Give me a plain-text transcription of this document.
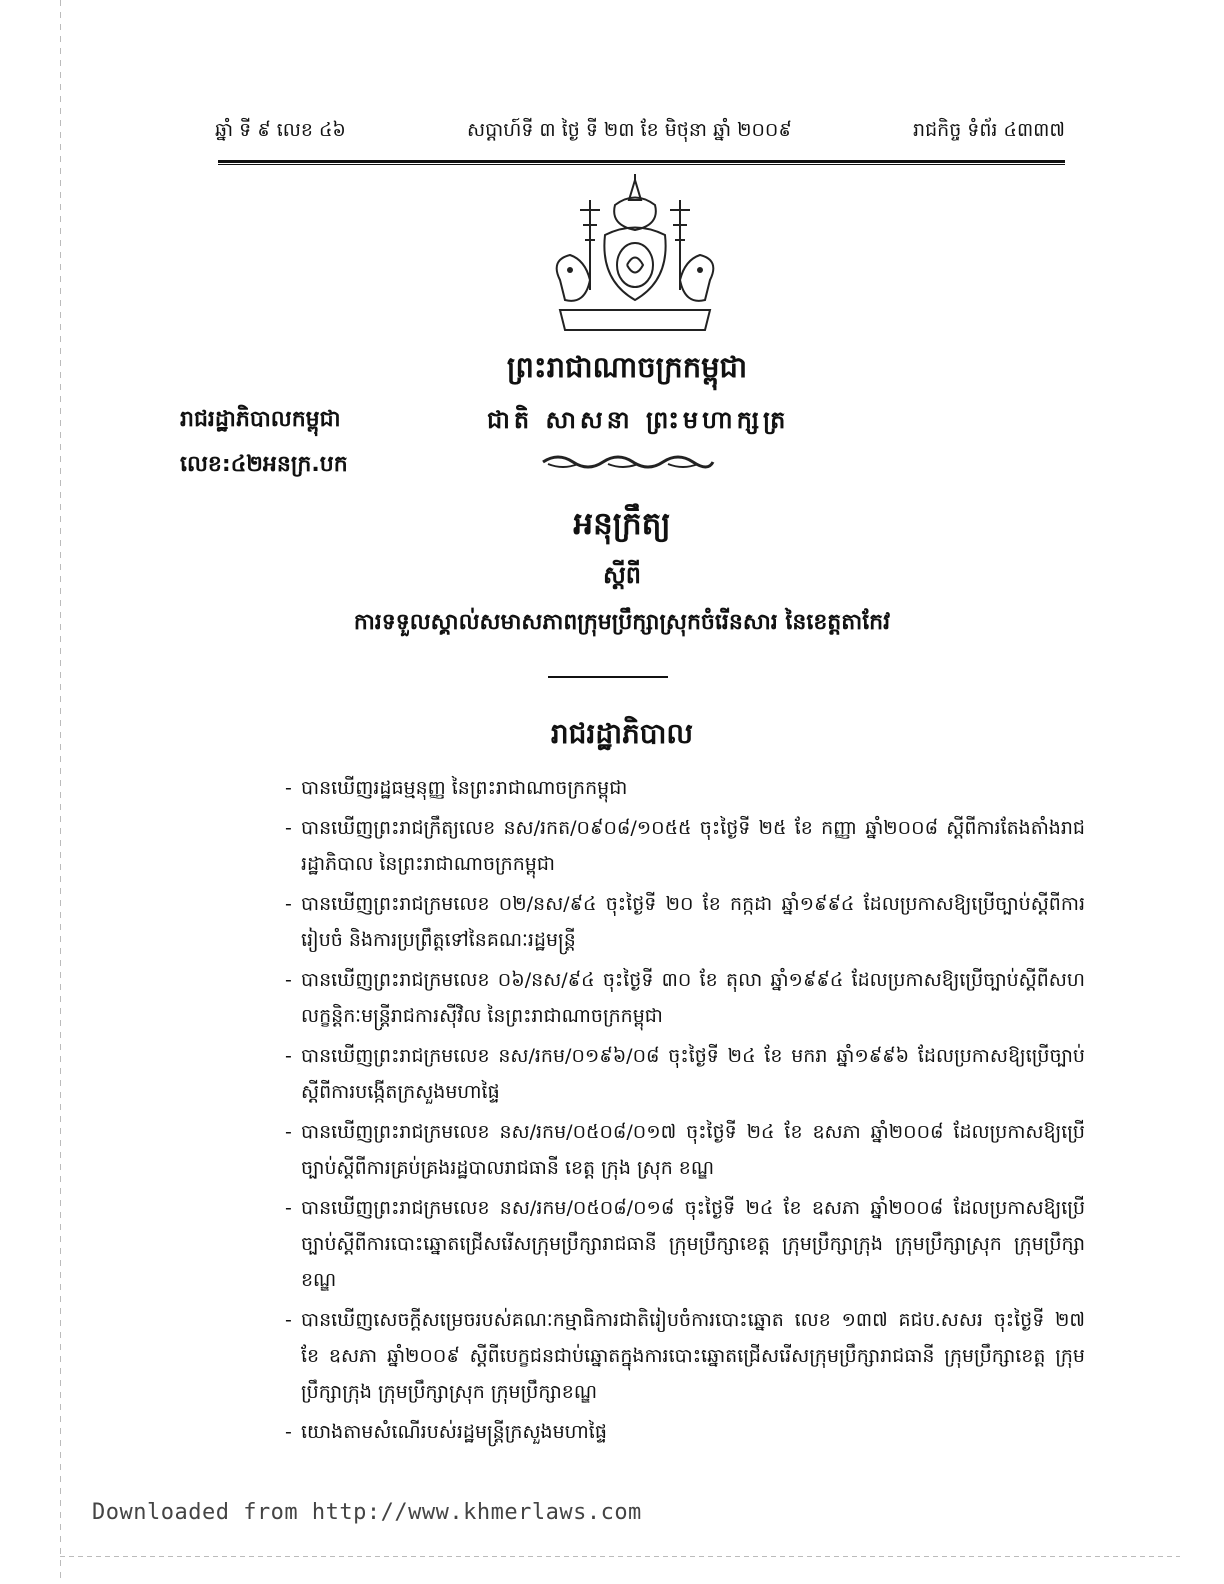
ឆ្នាំ ទី ៩ លេខ ៤៦	សប្តាហ៍ទី ៣ ថ្ងៃ ទី ២៣ ខែ មិថុនា ឆ្នាំ ២០០៩	រាជកិច្ច ទំព័រ ៤៣៣៧
ព្រះរាជាណាចក្រកម្ពុជា
រាជរដ្ឋាភិបាលកម្ពុជា	ជាតិ សាសនា ព្រះមហាក្សត្រ
លេខ:៤២អនក្រ.បក
អនុក្រឹត្យ
ស្តីពី
ការទទួលស្គាល់សមាសភាពក្រុមប្រឹក្សាស្រុកចំរើនសារ នៃខេត្តតាកែវ
រាជរដ្ឋាភិបាល
- បានឃើញរដ្ឋធម្មនុញ្ញ នៃព្រះរាជាណាចក្រកម្ពុជា
- បានឃើញព្រះរាជក្រឹត្យលេខ នស/រកត/០៩០៨/១០៥៥ ចុះថ្ងៃទី ២៥ ខែ កញ្ញា ឆ្នាំ២០០៨ ស្តីពីការតែងតាំងរាជរដ្ឋាភិបាល នៃព្រះរាជាណាចក្រកម្ពុជា
- បានឃើញព្រះរាជក្រមលេខ ០២/នស/៩៤ ចុះថ្ងៃទី ២០ ខែ កក្កដា ឆ្នាំ១៩៩៤ ដែលប្រកាសឱ្យប្រើច្បាប់ស្តីពីការរៀបចំ និងការប្រព្រឹត្តទៅនៃគណៈរដ្ឋមន្ត្រី
- បានឃើញព្រះរាជក្រមលេខ ០៦/នស/៩៤ ចុះថ្ងៃទី ៣០ ខែ តុលា ឆ្នាំ១៩៩៤ ដែលប្រកាសឱ្យប្រើច្បាប់ស្តីពីសហលក្ខន្តិកៈមន្ត្រីរាជការស៊ីវិល នៃព្រះរាជាណាចក្រកម្ពុជា
- បានឃើញព្រះរាជក្រមលេខ នស/រកម/០១៩៦/០៨ ចុះថ្ងៃទី ២៤ ខែ មករា ឆ្នាំ១៩៩៦ ដែលប្រកាសឱ្យប្រើច្បាប់ស្តីពីការបង្កើតក្រសួងមហាផ្ទៃ
- បានឃើញព្រះរាជក្រមលេខ នស/រកម/០៥០៨/០១៧ ចុះថ្ងៃទី ២៤ ខែ ឧសភា ឆ្នាំ២០០៨ ដែលប្រកាសឱ្យប្រើច្បាប់ស្តីពីការគ្រប់គ្រងរដ្ឋបាលរាជធានី ខេត្ត ក្រុង ស្រុក ខណ្ឌ
- បានឃើញព្រះរាជក្រមលេខ នស/រកម/០៥០៨/០១៨ ចុះថ្ងៃទី ២៤ ខែ ឧសភា ឆ្នាំ២០០៨ ដែលប្រកាសឱ្យប្រើច្បាប់ស្តីពីការបោះឆ្នោតជ្រើសរើសក្រុមប្រឹក្សារាជធានី ក្រុមប្រឹក្សាខេត្ត ក្រុមប្រឹក្សាក្រុង ក្រុមប្រឹក្សាស្រុក ក្រុមប្រឹក្សាខណ្ឌ
- បានឃើញសេចក្តីសម្រេចរបស់គណៈកម្មាធិការជាតិរៀបចំការបោះឆ្នោត លេខ ១៣៧ គជប.សសរ ចុះថ្ងៃទី ២៧ ខែ ឧសភា ឆ្នាំ២០០៩ ស្តីពីបេក្ខជនជាប់ឆ្នោតក្នុងការបោះឆ្នោតជ្រើសរើសក្រុមប្រឹក្សារាជធានី ក្រុមប្រឹក្សាខេត្ត ក្រុមប្រឹក្សាក្រុង ក្រុមប្រឹក្សាស្រុក ក្រុមប្រឹក្សាខណ្ឌ
- យោងតាមសំណើរបស់រដ្ឋមន្ត្រីក្រសួងមហាផ្ទៃ
Downloaded from http://www.khmerlaws.com
